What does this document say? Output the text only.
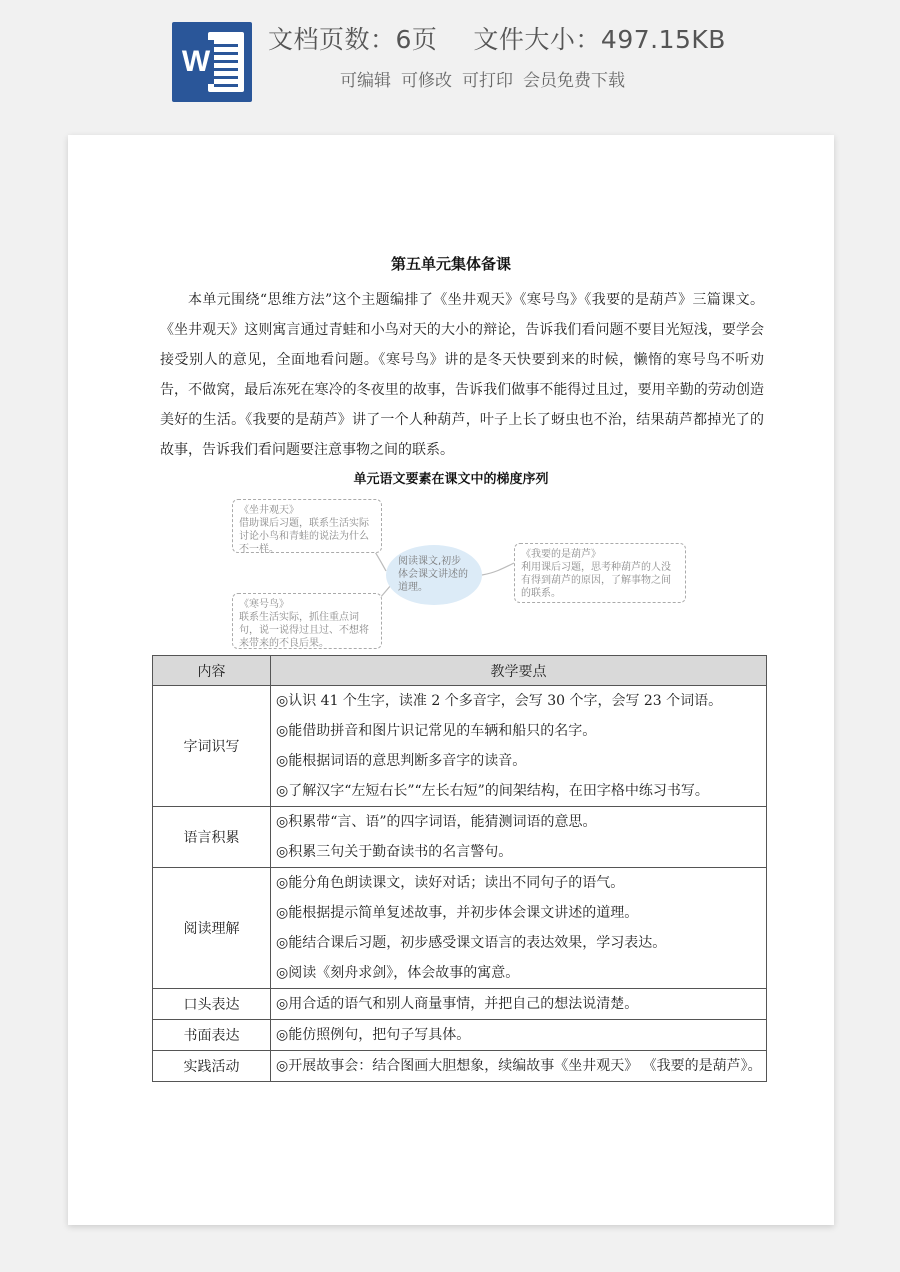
W
文档页数：6页 文件大小：497.15KB
可编辑 可修改 可打印 会员免费下载
第五单元集体备课

本单元围绕“思维方法”这个主题编排了《坐井观天》《寒号鸟》《我要的是葫芦》三篇课文。《坐井观天》这则寓言通过青蛙和小鸟对天的大小的辩论，告诉我们看问题不要目光短浅，要学会接受别人的意见，全面地看问题。《寒号鸟》讲的是冬天快要到来的时候，懒惰的寒号鸟不听劝告，不做窝，最后冻死在寒冷的冬夜里的故事，告诉我们做事不能得过且过，要用辛勤的劳动创造美好的生活。《我要的是葫芦》讲了一个人种葫芦，叶子上长了蚜虫也不治，结果葫芦都掉光了的故事，告诉我们看问题要注意事物之间的联系。

单元语文要素在课文中的梯度序列
《坐井观天》
借助课后习题，联系生活实际讨论小鸟和青蛙的说法为什么不一样。
《寒号鸟》
联系生活实际，抓住重点词句，说一说得过且过、不想将来带来的不良后果。
《我要的是葫芦》
利用课后习题，思考种葫芦的人没有得到葫芦的原因，了解事物之间的联系。
阅读课文,初步体会课文讲述的道理。
内容	教学要点
字词识写	◎认识 41 个生字，读准 2 个多音字，会写 30 个字，会写 23 个词语。
◎能借助拼音和图片识记常见的车辆和船只的名字。
◎能根据词语的意思判断多音字的读音。
◎了解汉字“左短右长”“左长右短”的间架结构，在田字格中练习书写。

语言积累	◎积累带“言、语”的四字词语，能猜测词语的意思。
◎积累三句关于勤奋读书的名言警句。

阅读理解	◎能分角色朗读课文，读好对话；读出不同句子的语气。
◎能根据提示简单复述故事，并初步体会课文讲述的道理。
◎能结合课后习题，初步感受课文语言的表达效果，学习表达。
◎阅读《刻舟求剑》，体会故事的寓意。

口头表达	◎用合适的语气和别人商量事情，并把自己的想法说清楚。

书面表达	◎能仿照例句，把句子写具体。

实践活动	◎开展故事会：结合图画大胆想象，续编故事《坐井观天》 《我要的是葫芦》。
